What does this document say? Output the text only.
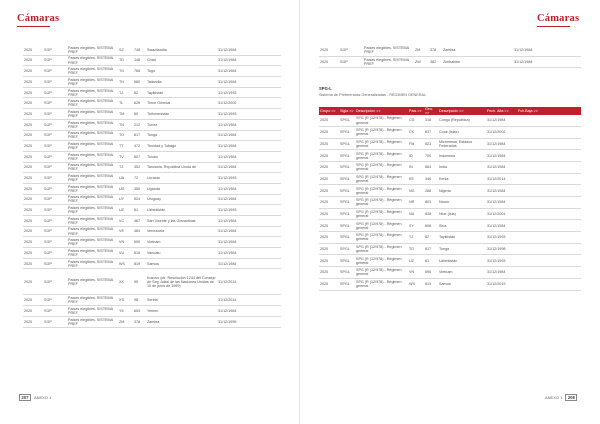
Cámaras	Cámaras
2020	SGP	Países elegibles, SISTEMA PREF	SZ	748	Swazilandia	31/12/1984
2020	SGP	Países elegibles, SISTEMA PREF	TD	148	Chad	31/12/1984
2020	SGP	Países elegibles, SISTEMA PREF	TG	768	Togo	31/12/1984
2020	SGP	Países elegibles, SISTEMA PREF	TH	680	Tailandia	31/12/1984
2020	SGP	Países elegibles, SISTEMA PREF	TJ	82	Tayikistán	31/12/1993
2020	SGP	Países elegibles, SISTEMA PREF	TL	626	Timor Oriental	31/12/2002
2020	SGP	Países elegibles, SISTEMA PREF	TM	80	Turkmenistán	31/12/1993
2020	SGP	Países elegibles, SISTEMA PREF	TN	212	Túnez	31/12/1984
2020	SGP	Países elegibles, SISTEMA PREF	TO	817	Tonga	31/12/1984
2020	SGP	Países elegibles, SISTEMA PREF	TT	472	Trinidad y Tobago	31/12/1984
2020	SGP	Países elegibles, SISTEMA PREF	TV	807	Tuvalu	31/12/1984
2020	SGP	Países elegibles, SISTEMA PREF	TZ	352	Tanzania, República Unida de	31/12/1984
2020	SGP	Países elegibles, SISTEMA PREF	UA	72	Ucrania	31/12/1993
2020	SGP	Países elegibles, SISTEMA PREF	UG	350	Uganda	31/12/1984
2020	SGP	Países elegibles, SISTEMA PREF	UY	524	Uruguay	31/12/1984
2020	SGP	Países elegibles, SISTEMA PREF	UZ	81	Uzbekistán	31/12/1993
2020	SGP	Países elegibles, SISTEMA PREF	VC	467	San Vicente y las Granadinas	31/12/1984
2020	SGP	Países elegibles, SISTEMA PREF	VE	484	Venezuela	31/12/1984
2020	SGP	Países elegibles, SISTEMA PREF	VN	690	Vietnam	31/12/1984
2020	SGP	Países elegibles, SISTEMA PREF	VU	816	Vanuatu	31/12/1984
2020	SGP	Países elegibles, SISTEMA PREF	WS	819	Samoa	31/12/1984
2020	SGP	Países elegibles, SISTEMA PREF	XK	95	Kosovo (cfr. Resolución 1244 del Consejo de Seg. Adtal de las Naciones Unidas de 10 de junio de 1999)	31/12/2014
2020	SGP	Países elegibles, SISTEMA PREF	XS	98	Serbia	31/12/2014
2020	SGP	Países elegibles, SISTEMA PREF	YE	653	Yemen	31/12/1984
2020	SGP	Países elegibles, SISTEMA PREF	ZM	378	Zambia	31/12/1995
2020	SGP	Países elegibles, SISTEMA PREF	ZM	378	Zambia	31/12/1984
2020	SGP	Países elegibles, SISTEMA PREF	ZW	382	Zimbabwe	31/12/1984
SPG-L
Sistema de Preferencias Generalizadas - RÉGIMEN GENERAL
Grupo >>	Sigla >>	Descripción >>	País >>	Geo. >>	Descripción >>	Fech. Alta >>	Fch.Baja >>
2020	SPGL	SPG (R (12/978) - Régimen general	CG	318	Congo (República)	31/12/1984	
2020	SPGL	SPG (R (12/978) - Régimen general	CK	837	Cook (Islas)	31/12/2002	
2020	SPGL	SPG (R (12/978) - Régimen general	FM	823	Micronesia, Estados Federados	31/12/1984	
2020	SPGL	SPG (R (12/978) - Régimen general	ID	700	Indonesia	31/12/1984	
2020	SPGL	SPG (R (12/978) - Régimen general	IN	664	India	31/12/1984	
2020	SPGL	SPG (R (12/978) - Régimen general	KE	346	Kenia	31/12/2014	
2020	SPGL	SPG (R (12/978) - Régimen general	NG	288	Nigeria	31/12/1984	
2020	SPGL	SPG (R (12/978) - Régimen general	NR	803	Nauru	31/12/1984	
2020	SPGL	SPG (R (12/978) - Régimen general	NU	838	Niue (Isla)	31/12/2001	
2020	SPGL	SPG (R (12/978) - Régimen general	SY	608	Siria	31/12/1984	
2020	SPGL	SPG (R (12/978) - Régimen general	TJ	82	Tayikistán	31/12/1993	
2020	SPGL	SPG (R (12/978) - Régimen general	TO	817	Tonga	31/12/1998	
2020	SPGL	SPG (R (12/978) - Régimen general	UZ	81	Uzbekistán	31/12/1993	
2020	SPGL	SPG (R (12/978) - Régimen general	VN	690	Vietnam	31/12/1984	
2020	SPGL	SPG (R (12/978) - Régimen general	WS	819	Samoa	31/12/2019	
207	ANEXO 1	ANEXO 1	208
